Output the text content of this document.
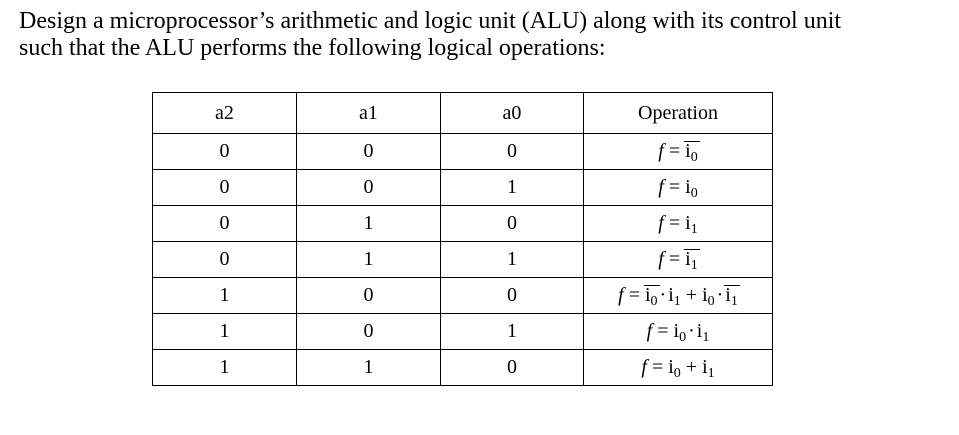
Design a microprocessor’s arithmetic and logic unit (ALU) along with its control unit
such that the ALU performs the following logical operations:

a2	a1	a0	Operation
0	0	0	$f = i_0$
0	0	1	$f = i_0$
0	1	0	$f = i_1$
0	1	1	$f = i_1$
1	0	0	$f = i_0 \cdot i_1 + i_0 \cdot i_1$
1	0	1	$f = i_0 \cdot i_1$
1	1	0	$f = i_0 + i_1$
